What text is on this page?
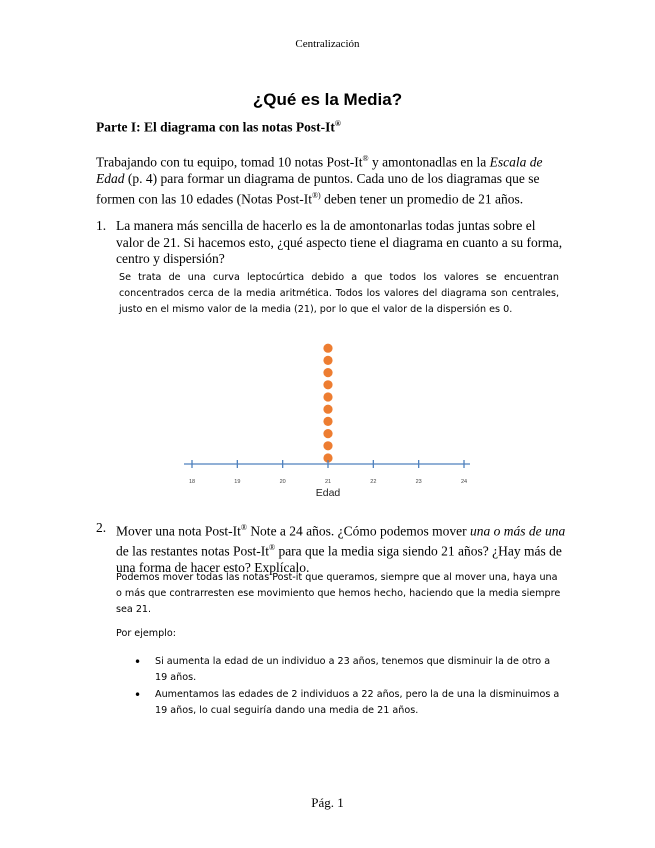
Centralización
¿Qué es la Media?
Parte I: El diagrama con las notas Post-It®
Trabajando con tu equipo, tomad 10 notas Post-It® y amontonadlas en la Escala de Edad (p. 4) para formar un diagrama de puntos. Cada uno de los diagramas que se formen con las 10 edades (Notas Post-It®) deben tener un promedio de 21 años.
1. La manera más sencilla de hacerlo es la de amontonarlas todas juntas sobre el valor de 21. Si hacemos esto, ¿qué aspecto tiene el diagrama en cuanto a su forma, centro y dispersión?
Se trata de una curva leptocúrtica debido a que todos los valores se encuentran concentrados cerca de la media aritmética. Todos los valores del diagrama son centrales, justo en el mismo valor de la media (21), por lo que el valor de la dispersión es 0.
18	19	20	21	22	23	24
Edad
2. Mover una nota Post-It® Note a 24 años. ¿Cómo podemos mover una o más de una de las restantes notas Post-It® para que la media siga siendo 21 años? ¿Hay más de una forma de hacer esto? Explícalo.
Podemos mover todas las notas Post-it que queramos, siempre que al mover una, haya una o más que contrarresten ese movimiento que hemos hecho, haciendo que la media siempre sea 21.
Por ejemplo:
• Si aumenta la edad de un individuo a 23 años, tenemos que disminuir la de otro a 19 años.
• Aumentamos las edades de 2 individuos a 22 años, pero la de una la disminuimos a 19 años, lo cual seguiría dando una media de 21 años.
Pág. 1
